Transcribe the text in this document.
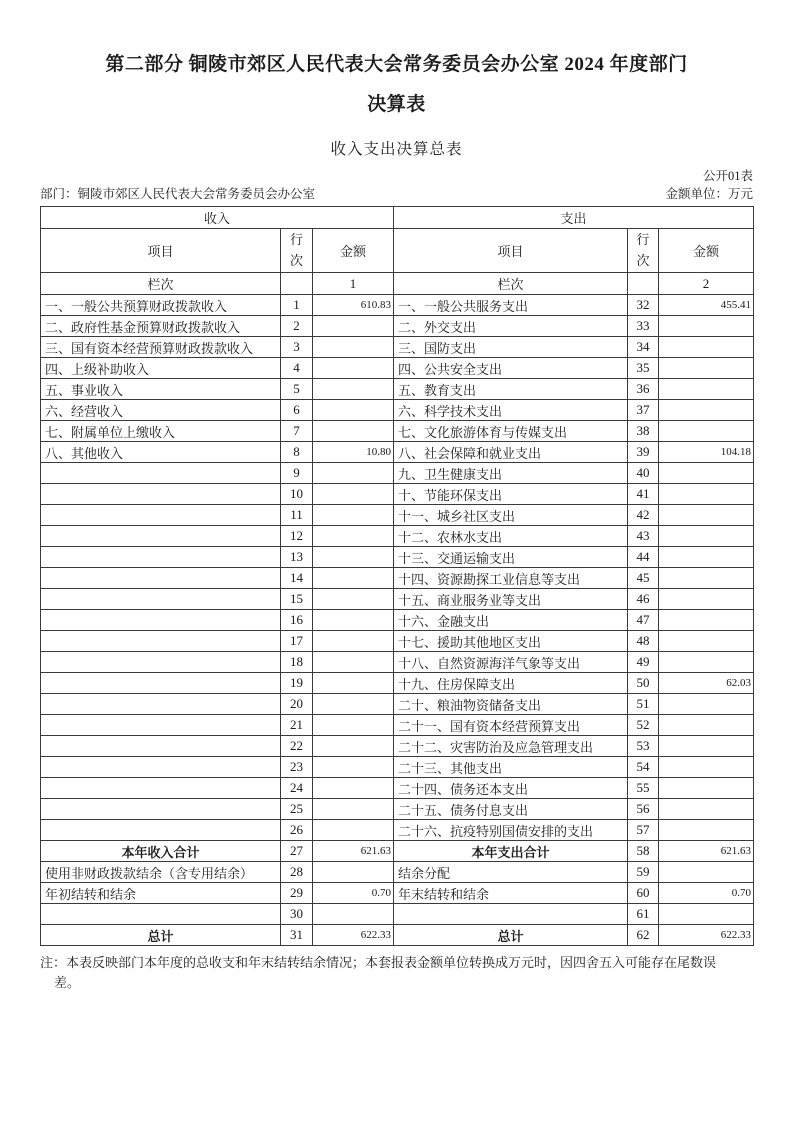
第二部分 铜陵市郊区人民代表大会常务委员会办公室 2024 年度部门
决算表
收入支出决算总表
公开01表
部门：铜陵市郊区人民代表大会常务委员会办公室	金额单位：万元
收入			支出		
项目	行次	金额	项目	行次	金额
栏次		1	栏次		2
一、一般公共预算财政拨款收入	1	610.83	一、一般公共服务支出	32	455.41
二、政府性基金预算财政拨款收入	2		二、外交支出	33	
三、国有资本经营预算财政拨款收入	3		三、国防支出	34	
四、上级补助收入	4		四、公共安全支出	35	
五、事业收入	5		五、教育支出	36	
六、经营收入	6		六、科学技术支出	37	
七、附属单位上缴收入	7		七、文化旅游体育与传媒支出	38	
八、其他收入	8	10.80	八、社会保障和就业支出	39	104.18
	9		九、卫生健康支出	40	
	10		十、节能环保支出	41	
	11		十一、城乡社区支出	42	
	12		十二、农林水支出	43	
	13		十三、交通运输支出	44	
	14		十四、资源勘探工业信息等支出	45	
	15		十五、商业服务业等支出	46	
	16		十六、金融支出	47	
	17		十七、援助其他地区支出	48	
	18		十八、自然资源海洋气象等支出	49	
	19		十九、住房保障支出	50	62.03
	20		二十、粮油物资储备支出	51	
	21		二十一、国有资本经营预算支出	52	
	22		二十二、灾害防治及应急管理支出	53	
	23		二十三、其他支出	54	
	24		二十四、债务还本支出	55	
	25		二十五、债务付息支出	56	
	26		二十六、抗疫特别国债安排的支出	57	
本年收入合计	27	621.63	本年支出合计	58	621.63
使用非财政拨款结余（含专用结余）	28		结余分配	59	
年初结转和结余	29	0.70	年末结转和结余	60	0.70
	30			61	
总计	31	622.33	总计	62	622.33
注：本表反映部门本年度的总收支和年末结转结余情况；本套报表金额单位转换成万元时，因四舍五入可能存在尾数误差。
